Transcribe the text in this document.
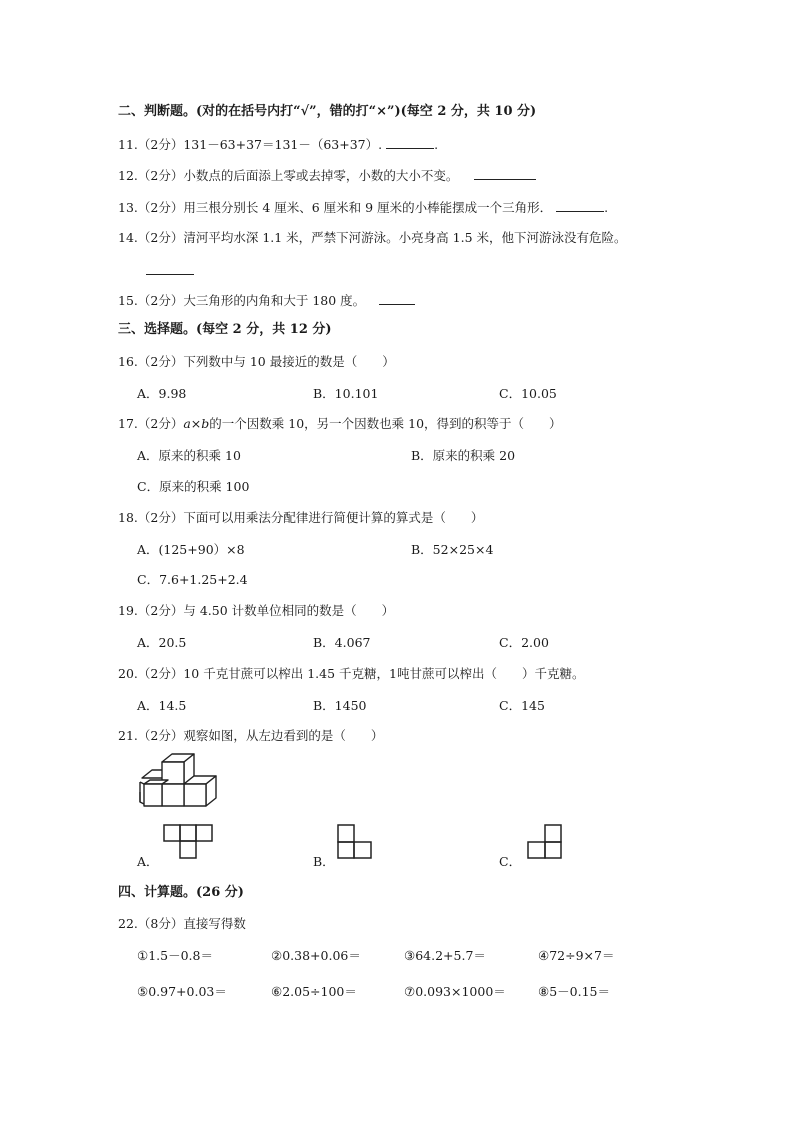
二、判断题。(对的在括号内打“√”，错的打“×”)(每空 2 分，共 10 分)
11.（2分）131－63+37＝131－（63+37）.	.
12.（2分）小数点的后面添上零或去掉零，小数的大小不变。
13.（2分）用三根分别长 4 厘米、6 厘米和 9 厘米的小棒能摆成一个三角形．	.
14.（2分）清河平均水深 1.1 米，严禁下河游泳。小亮身高 1.5 米，他下河游泳没有危险。
15.（2分）大三角形的内角和大于 180 度。
三、选择题。(每空 2 分，共 12 分)
16.（2分）下列数中与 10 最接近的数是（　　）
A．9.98	B．10.101	C．10.05
17.（2分）a×b的一个因数乘 10，另一个因数也乘 10，得到的积等于（　　）
A．原来的积乘 10	B．原来的积乘 20
C．原来的积乘 100
18.（2分）下面可以用乘法分配律进行简便计算的算式是（　　）
A．(125+90）×8	B．52×25×4
C．7.6+1.25+2.4
19.（2分）与 4.50 计数单位相同的数是（　　）
A．20.5	B．4.067	C．2.00
20.（2分）10 千克甘蔗可以榨出 1.45 千克糖，1吨甘蔗可以榨出（　　）千克糖。
A．14.5	B．1450	C．145
21.（2分）观察如图，从左边看到的是（　　）
A．	B．	C．
四、计算题。(26 分)
22.（8分）直接写得数
①1.5－0.8＝	②0.38+0.06＝	③64.2+5.7＝	④72÷9×7＝
⑤0.97+0.03＝	⑥2.05÷100＝	⑦0.093×1000＝	⑧5－0.15＝
